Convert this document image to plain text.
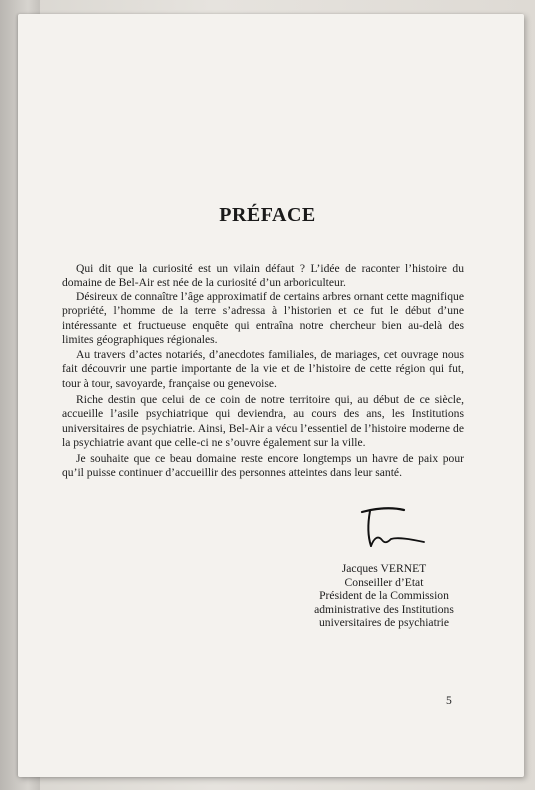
PRÉFACE

Qui dit que la curiosité est un vilain défaut ? L’idée de raconter l’histoire du domaine de Bel-Air est née de la curiosité d’un arboriculteur.

Désireux de connaître l’âge approximatif de certains arbres ornant cette magnifique propriété, l’homme de la terre s’adressa à l’historien et ce fut le début d’une intéressante et fructueuse enquête qui entraîna notre chercheur bien au-delà des limites géographiques régionales.

Au travers d’actes notariés, d’anecdotes familiales, de mariages, cet ouvrage nous fait découvrir une partie importante de la vie et de l’histoire de cette région qui fut, tour à tour, savoyarde, française ou genevoise.

Riche destin que celui de ce coin de notre territoire qui, au début de ce siècle, accueille l’asile psychiatrique qui deviendra, au cours des ans, les Institutions universitaires de psychiatrie. Ainsi, Bel-Air a vécu l’essentiel de l’histoire moderne de la psychiatrie avant que celle-ci ne s’ouvre également sur la ville.

Je souhaite que ce beau domaine reste encore longtemps un havre de paix pour qu’il puisse continuer d’accueillir des personnes atteintes dans leur santé.

Jacques VERNET
Conseiller d’Etat
Président de la Commission
administrative des Institutions
universitaires de psychiatrie
5
